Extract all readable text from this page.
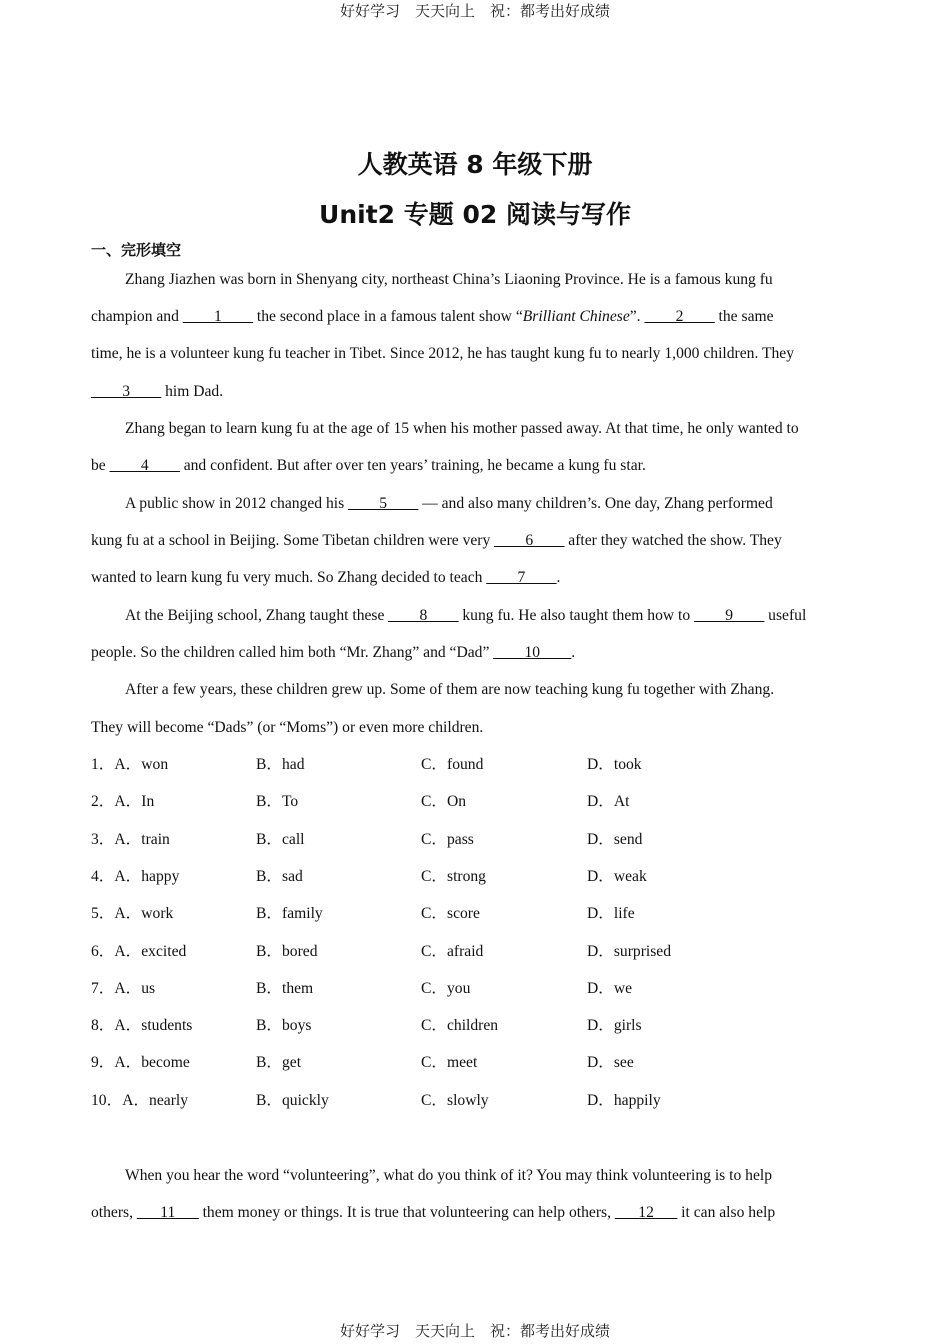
好好学习　天天向上　祝：都考出好成绩
人教英语 8 年级下册
Unit2 专题 02 阅读与写作
一、完形填空
Zhang Jiazhen was born in Shenyang city, northeast China’s Liaoning Province. He is a famous kung fu
champion and ____1____ the second place in a famous talent show “Brilliant Chinese”. ____2____ the same
time, he is a volunteer kung fu teacher in Tibet. Since 2012, he has taught kung fu to nearly 1,000 children. They
____3____ him Dad.
Zhang began to learn kung fu at the age of 15 when his mother passed away. At that time, he only wanted to
be ____4____ and confident. But after over ten years’ training, he became a kung fu star.
A public show in 2012 changed his ____5____ — and also many children’s. One day, Zhang performed
kung fu at a school in Beijing. Some Tibetan children were very ____6____ after they watched the show. They
wanted to learn kung fu very much. So Zhang decided to teach ____7____.
At the Beijing school, Zhang taught these ____8____ kung fu. He also taught them how to ____9____ useful
people. So the children called him both “Mr. Zhang” and “Dad” ____10____.
After a few years, these children grew up. Some of them are now teaching kung fu together with Zhang.
They will become “Dads” (or “Moms”) or even more children.
1．A．won	B．had	C．found	D．took
2．A．In	B．To	C．On	D．At
3．A．train	B．call	C．pass	D．send
4．A．happy	B．sad	C．strong	D．weak
5．A．work	B．family	C．score	D．life
6．A．excited	B．bored	C．afraid	D．surprised
7．A．us	B．them	C．you	D．we
8．A．students	B．boys	C．children	D．girls
9．A．become	B．get	C．meet	D．see
10．A．nearly	B．quickly	C．slowly	D．happily
When you hear the word “volunteering”, what do you think of it? You may think volunteering is to help
others, ___11___ them money or things. It is true that volunteering can help others, ___12___ it can also help
好好学习　天天向上　祝：都考出好成绩
